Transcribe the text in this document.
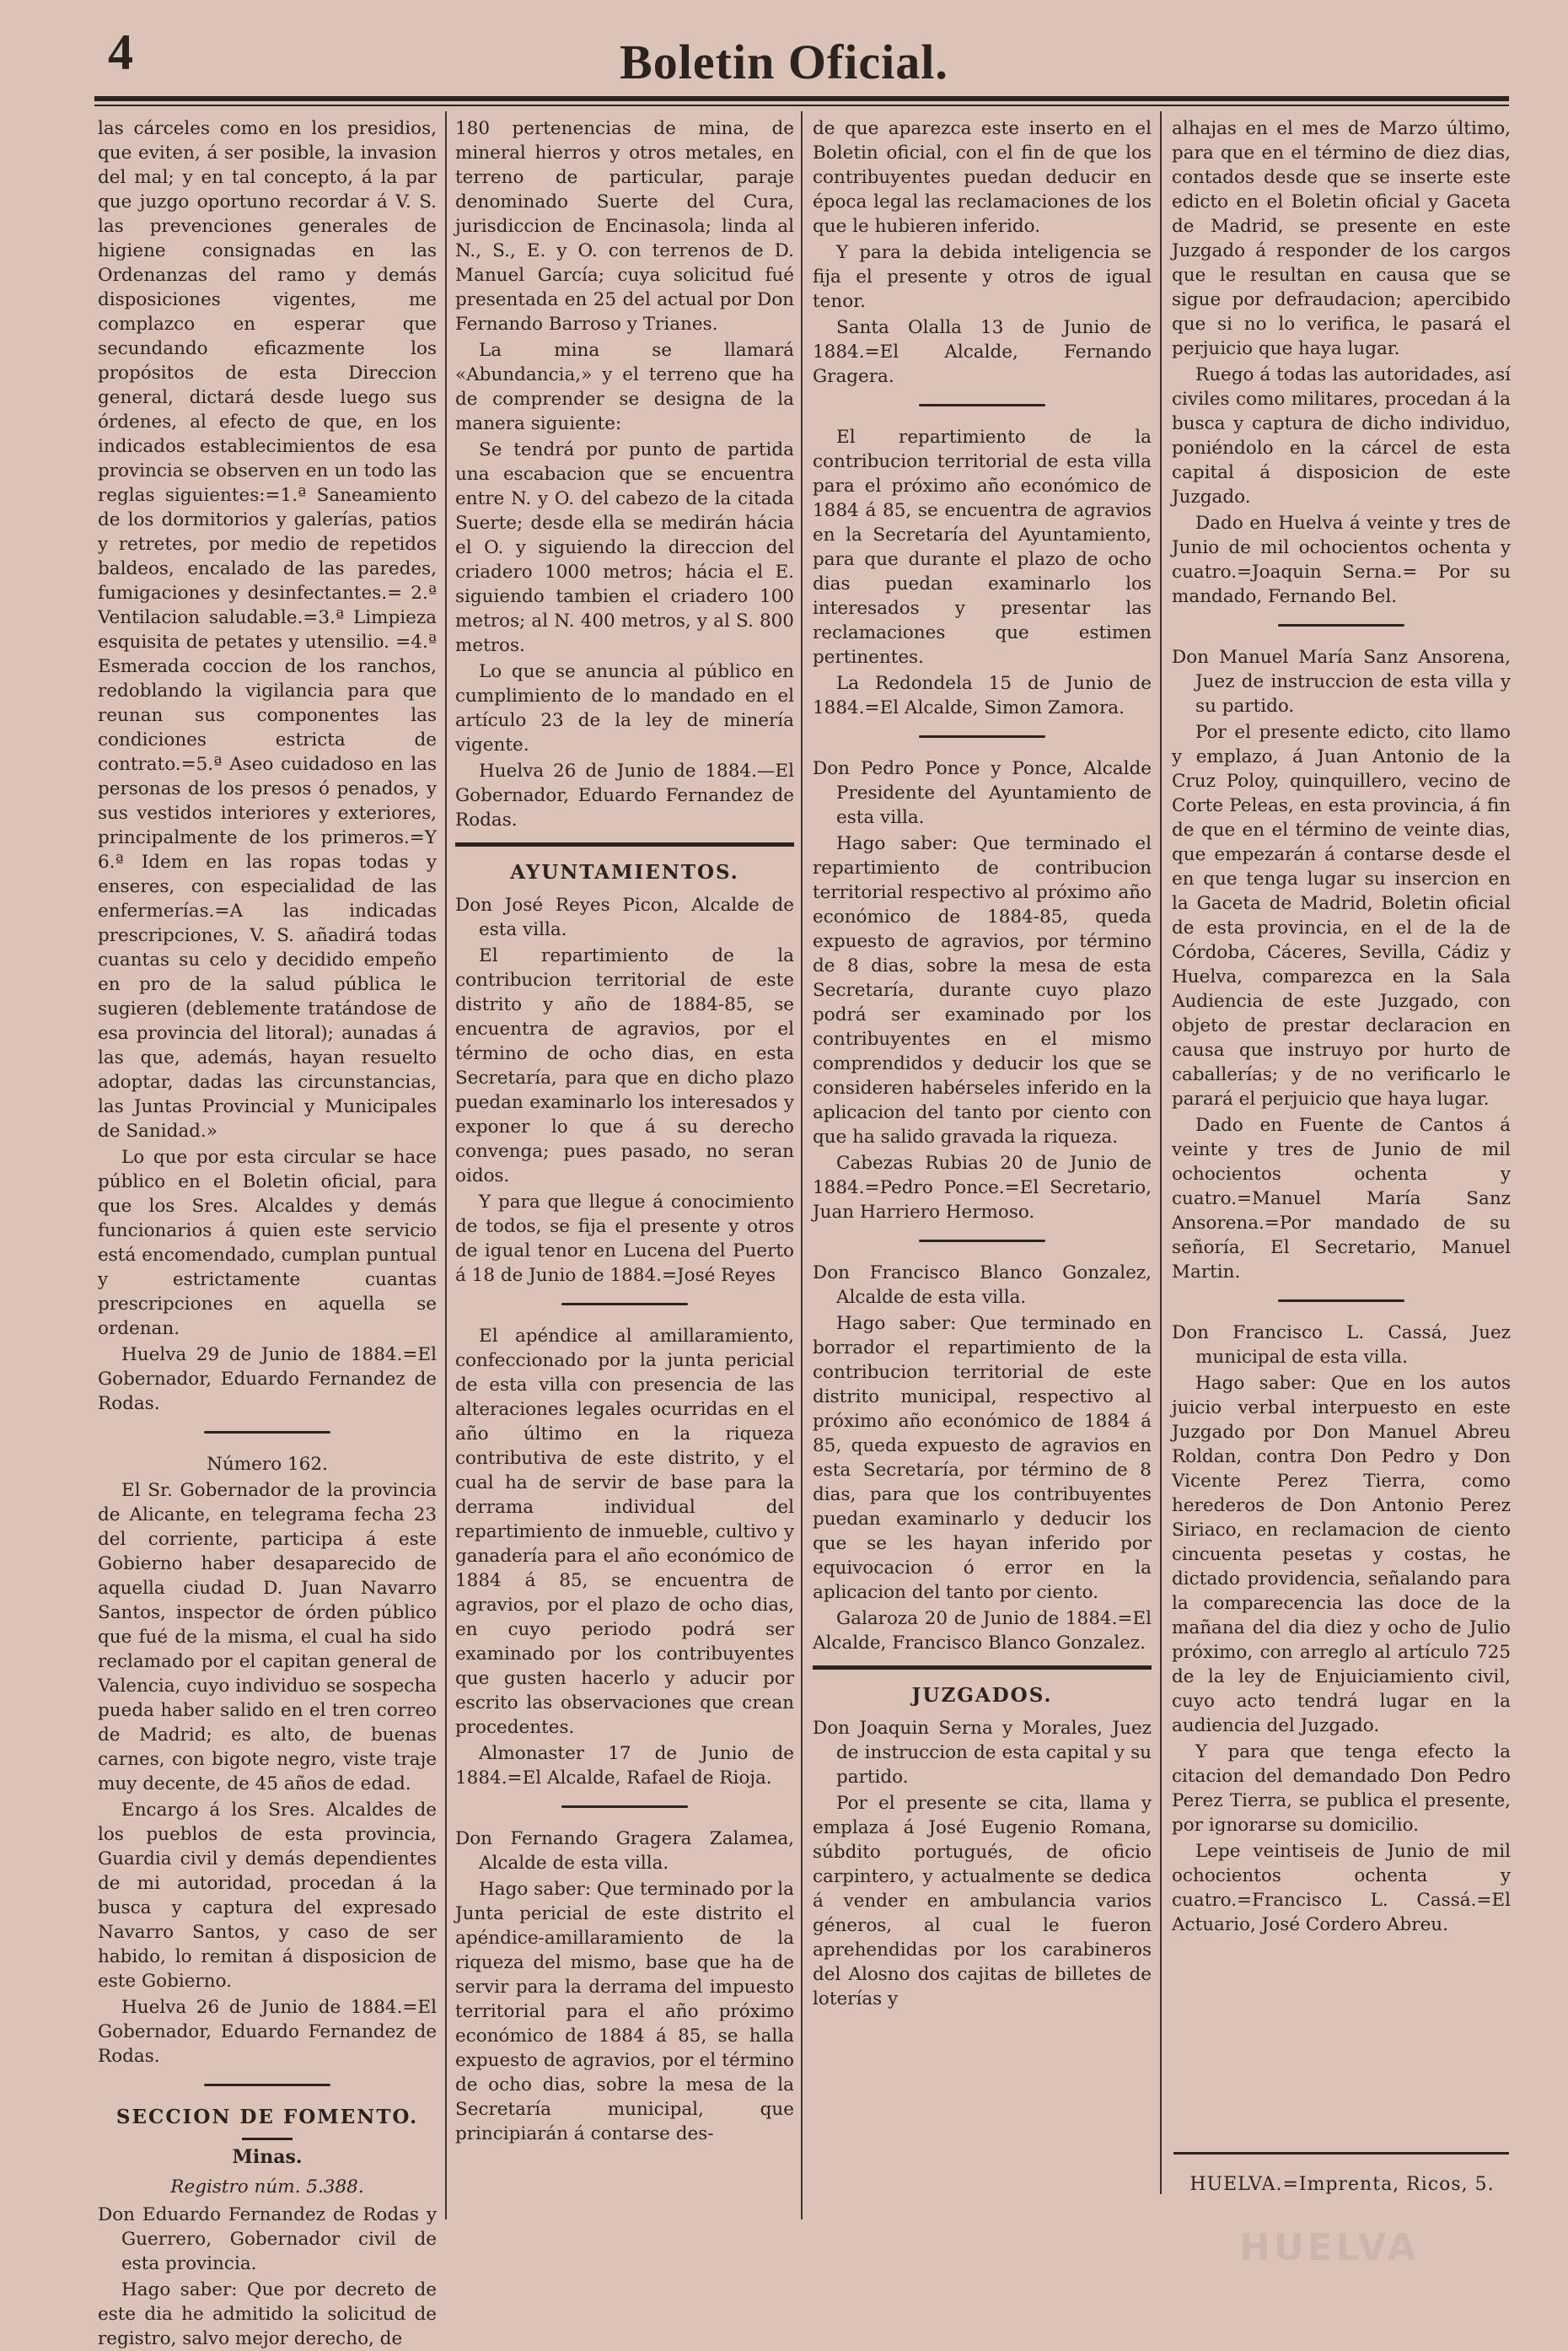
4	Boletin Oficial.

las cárceles como en los presidios, que eviten, á ser posible, la invasion del mal; y en tal concepto, á la par que juzgo oportuno recordar á V. S. las prevenciones generales de higiene consignadas en las Ordenanzas del ramo y demás disposiciones vigentes, me complazco en esperar que secundando eficazmente los propósitos de esta Direccion general, dictará desde luego sus órdenes, al efecto de que, en los indicados establecimientos de esa provincia se observen en un todo las reglas siguientes:=1.ª Saneamiento de los dormitorios y galerías, patios y retretes, por medio de repetidos baldeos, encalado de las paredes, fumigaciones y desinfectantes.= 2.ª Ventilacion saludable.=3.ª Limpieza esquisita de petates y utensilio. =4.ª Esmerada coccion de los ranchos, redoblando la vigilancia para que reunan sus componentes las condiciones estricta de contrato.=5.ª Aseo cuidadoso en las personas de los presos ó penados, y sus vestidos interiores y exteriores, principalmente de los primeros.=Y 6.ª Idem en las ropas todas y enseres, con especialidad de las enfermerías.=A las indicadas prescripciones, V. S. añadirá todas cuantas su celo y decidido empeño en pro de la salud pública le sugieren (deblemente tratándose de esa provincia del litoral); aunadas á las que, además, hayan resuelto adoptar, dadas las circunstancias, las Juntas Provincial y Municipales de Sanidad.»

Lo que por esta circular se hace público en el Boletin oficial, para que los Sres. Alcaldes y demás funcionarios á quien este servicio está encomendado, cumplan puntual y estrictamente cuantas prescripciones en aquella se ordenan.

Huelva 29 de Junio de 1884.=El Gobernador, Eduardo Fernandez de Rodas.

Número 162.

El Sr. Gobernador de la provincia de Alicante, en telegrama fecha 23 del corriente, participa á este Gobierno haber desaparecido de aquella ciudad D. Juan Navarro Santos, inspector de órden público que fué de la misma, el cual ha sido reclamado por el capitan general de Valencia, cuyo individuo se sospecha pueda haber salido en el tren correo de Madrid; es alto, de buenas carnes, con bigote negro, viste traje muy decente, de 45 años de edad.

Encargo á los Sres. Alcaldes de los pueblos de esta provincia, Guardia civil y demás dependientes de mi autoridad, procedan á la busca y captura del expresado Navarro Santos, y caso de ser habido, lo remitan á disposicion de este Gobierno.

Huelva 26 de Junio de 1884.=El Gobernador, Eduardo Fernandez de Rodas.

SECCION DE FOMENTO.

Minas.

Registro núm. 5.388.

Don Eduardo Fernandez de Rodas y Guerrero, Gobernador civil de esta provincia.

Hago saber: Que por decreto de este dia he admitido la solicitud de registro, salvo mejor derecho, de

180 pertenencias de mina, de mineral hierros y otros metales, en terreno de particular, paraje denominado Suerte del Cura, jurisdiccion de Encinasola; linda al N., S., E. y O. con terrenos de D. Manuel García; cuya solicitud fué presentada en 25 del actual por Don Fernando Barroso y Trianes.

La mina se llamará «Abundancia,» y el terreno que ha de comprender se designa de la manera siguiente:

Se tendrá por punto de partida una escabacion que se encuentra entre N. y O. del cabezo de la citada Suerte; desde ella se medirán hácia el O. y siguiendo la direccion del criadero 1000 metros; hácia el E. siguiendo tambien el criadero 100 metros; al N. 400 metros, y al S. 800 metros.

Lo que se anuncia al público en cumplimiento de lo mandado en el artículo 23 de la ley de minería vigente.

Huelva 26 de Junio de 1884.—El Gobernador, Eduardo Fernandez de Rodas.

AYUNTAMIENTOS.

Don José Reyes Picon, Alcalde de esta villa.

El repartimiento de la contribucion territorial de este distrito y año de 1884-85, se encuentra de agravios, por el término de ocho dias, en esta Secretaría, para que en dicho plazo puedan examinarlo los interesados y exponer lo que á su derecho convenga; pues pasado, no seran oidos.

Y para que llegue á conocimiento de todos, se fija el presente y otros de igual tenor en Lucena del Puerto á 18 de Junio de 1884.=José Reyes

El apéndice al amillaramiento, confeccionado por la junta pericial de esta villa con presencia de las alteraciones legales ocurridas en el año último en la riqueza contributiva de este distrito, y el cual ha de servir de base para la derrama individual del repartimiento de inmueble, cultivo y ganadería para el año económico de 1884 á 85, se encuentra de agravios, por el plazo de ocho dias, en cuyo periodo podrá ser examinado por los contribuyentes que gusten hacerlo y aducir por escrito las observaciones que crean procedentes.

Almonaster 17 de Junio de 1884.=El Alcalde, Rafael de Rioja.

Don Fernando Gragera Zalamea, Alcalde de esta villa.

Hago saber: Que terminado por la Junta pericial de este distrito el apéndice-amillaramiento de la riqueza del mismo, base que ha de servir para la derrama del impuesto territorial para el año próximo económico de 1884 á 85, se halla expuesto de agravios, por el término de ocho dias, sobre la mesa de la Secretaría municipal, que principiarán á contarse des-

de que aparezca este inserto en el Boletin oficial, con el fin de que los contribuyentes puedan deducir en época legal las reclamaciones de los que le hubieren inferido.

Y para la debida inteligencia se fija el presente y otros de igual tenor.

Santa Olalla 13 de Junio de 1884.=El Alcalde, Fernando Gragera.

El repartimiento de la contribucion territorial de esta villa para el próximo año económico de 1884 á 85, se encuentra de agravios en la Secretaría del Ayuntamiento, para que durante el plazo de ocho dias puedan examinarlo los interesados y presentar las reclamaciones que estimen pertinentes.

La Redondela 15 de Junio de 1884.=El Alcalde, Simon Zamora.

Don Pedro Ponce y Ponce, Alcalde Presidente del Ayuntamiento de esta villa.

Hago saber: Que terminado el repartimiento de contribucion territorial respectivo al próximo año económico de 1884-85, queda expuesto de agravios, por término de 8 dias, sobre la mesa de esta Secretaría, durante cuyo plazo podrá ser examinado por los contribuyentes en el mismo comprendidos y deducir los que se consideren habérseles inferido en la aplicacion del tanto por ciento con que ha salido gravada la riqueza.

Cabezas Rubias 20 de Junio de 1884.=Pedro Ponce.=El Secretario, Juan Harriero Hermoso.

Don Francisco Blanco Gonzalez, Alcalde de esta villa.

Hago saber: Que terminado en borrador el repartimiento de la contribucion territorial de este distrito municipal, respectivo al próximo año económico de 1884 á 85, queda expuesto de agravios en esta Secretaría, por término de 8 dias, para que los contribuyentes puedan examinarlo y deducir los que se les hayan inferido por equivocacion ó error en la aplicacion del tanto por ciento.

Galaroza 20 de Junio de 1884.=El Alcalde, Francisco Blanco Gonzalez.

JUZGADOS.

Don Joaquin Serna y Morales, Juez de instruccion de esta capital y su partido.

Por el presente se cita, llama y emplaza á José Eugenio Romana, súbdito portugués, de oficio carpintero, y actualmente se dedica á vender en ambulancia varios géneros, al cual le fueron aprehendidas por los carabineros del Alosno dos cajitas de billetes de loterías y

alhajas en el mes de Marzo último, para que en el término de diez dias, contados desde que se inserte este edicto en el Boletin oficial y Gaceta de Madrid, se presente en este Juzgado á responder de los cargos que le resultan en causa que se sigue por defraudacion; apercibido que si no lo verifica, le pasará el perjuicio que haya lugar.

Ruego á todas las autoridades, así civiles como militares, procedan á la busca y captura de dicho individuo, poniéndolo en la cárcel de esta capital á disposicion de este Juzgado.

Dado en Huelva á veinte y tres de Junio de mil ochocientos ochenta y cuatro.=Joaquin Serna.= Por su mandado, Fernando Bel.

Don Manuel María Sanz Ansorena, Juez de instruccion de esta villa y su partido.

Por el presente edicto, cito llamo y emplazo, á Juan Antonio de la Cruz Poloy, quinquillero, vecino de Corte Peleas, en esta provincia, á fin de que en el término de veinte dias, que empezarán á contarse desde el en que tenga lugar su insercion en la Gaceta de Madrid, Boletin oficial de esta provincia, en el de la de Córdoba, Cáceres, Sevilla, Cádiz y Huelva, comparezca en la Sala Audiencia de este Juzgado, con objeto de prestar declaracion en causa que instruyo por hurto de caballerías; y de no verificarlo le parará el perjuicio que haya lugar.

Dado en Fuente de Cantos á veinte y tres de Junio de mil ochocientos ochenta y cuatro.=Manuel María Sanz Ansorena.=Por mandado de su señoría, El Secretario, Manuel Martin.

Don Francisco L. Cassá, Juez municipal de esta villa.

Hago saber: Que en los autos juicio verbal interpuesto en este Juzgado por Don Manuel Abreu Roldan, contra Don Pedro y Don Vicente Perez Tierra, como herederos de Don Antonio Perez Siriaco, en reclamacion de ciento cincuenta pesetas y costas, he dictado providencia, señalando para la comparecencia las doce de la mañana del dia diez y ocho de Julio próximo, con arreglo al artículo 725 de la ley de Enjuiciamiento civil, cuyo acto tendrá lugar en la audiencia del Juzgado.

Y para que tenga efecto la citacion del demandado Don Pedro Perez Tierra, se publica el presente, por ignorarse su domicilio.

Lepe veintiseis de Junio de mil ochocientos ochenta y cuatro.=Francisco L. Cassá.=El Actuario, José Cordero Abreu.

HUELVA.=Imprenta, Ricos, 5.
HUELVA
